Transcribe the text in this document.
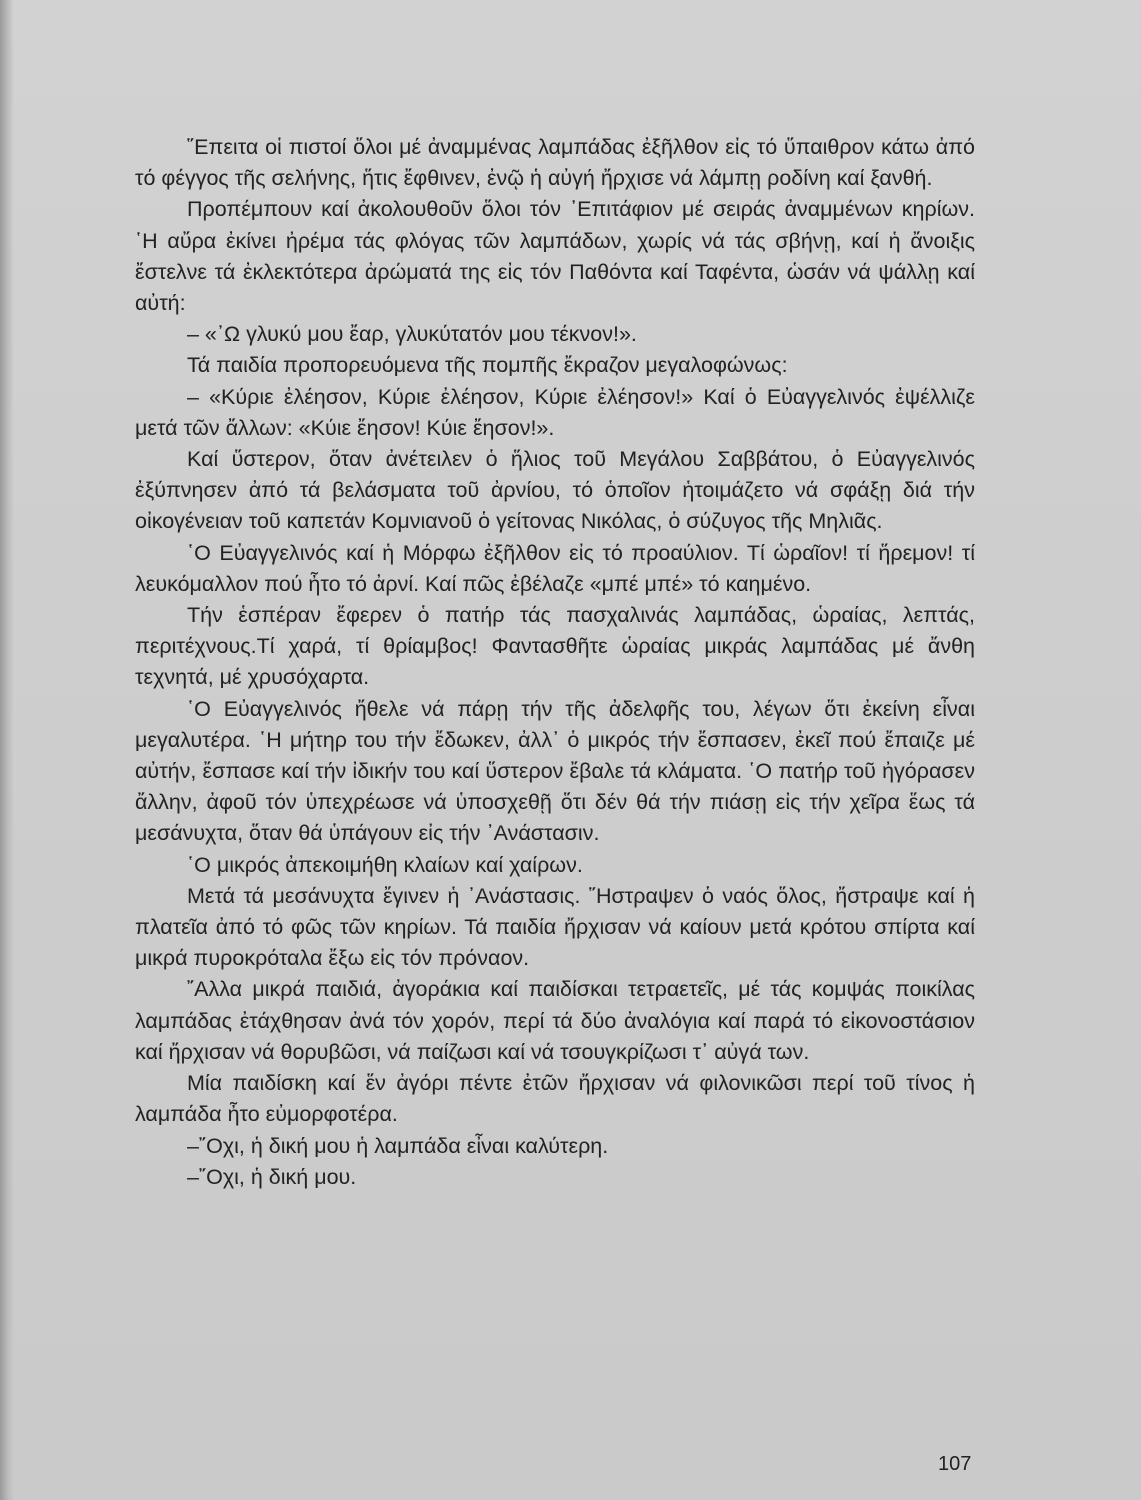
῞Επειτα οἱ πιστοί ὅλοι μέ ἀναμμένας λαμπάδας ἐξῆλθον εἰς τό ὕπαιθρον κάτω ἀπό τό φέγγος τῆς σελήνης, ἥτις ἔφθινεν, ἐνῷ ἡ αὐγή ἤρχισε νά λάμπῃ ροδίνη καί ξανθή.

Προπέμπουν καί ἀκολουθοῦν ὅλοι τόν ᾿Επιτάφιον μέ σειράς ἀναμμένων κηρίων. ῾Η αὔρα ἐκίνει ἠρέμα τάς φλόγας τῶν λαμπάδων, χωρίς νά τάς σβήνῃ, καί ἡ ἄνοιξις ἔστελνε τά ἐκλεκτότερα ἀρώματά της εἰς τόν Παθόντα καί Ταφέντα, ὡσάν νά ψάλλῃ καί αὐτή:

– «᾿Ω γλυκύ μου ἔαρ, γλυκύτατόν μου τέκνον!».

Τά παιδία προπορευόμενα τῆς πομπῆς ἔκραζον μεγαλοφώνως:

– «Κύριε ἐλέησον, Κύριε ἐλέησον, Κύριε ἐλέησον!» Καί ὁ Εὐαγγελινός ἐψέλλιζε μετά τῶν ἄλλων: «Κύιε ἔησον! Κύιε ἔησον!».

Καί ὕστερον, ὅταν ἀνέτειλεν ὁ ἥλιος τοῦ Μεγάλου Σαββάτου, ὁ Εὐαγγελινός ἐξύπνησεν ἀπό τά βελάσματα τοῦ ἀρνίου, τό ὁποῖον ἡτοιμάζετο νά σφάξῃ διά τήν οἰκογένειαν τοῦ καπετάν Κομνιανοῦ ὁ γείτονας Νικόλας, ὁ σύζυγος τῆς Μηλιᾶς.

῾Ο Εὐαγγελινός καί ἡ Μόρφω ἐξῆλθον εἰς τό προαύλιον. Τί ὡραῖον! τί ἥρεμον! τί λευκόμαλλον πού ἦτο τό ἀρνί. Καί πῶς ἐβέλαζε «μπέ μπέ» τό καημένο.

Τήν ἑσπέραν ἔφερεν ὁ πατήρ τάς πασχαλινάς λαμπάδας, ὡραίας, λεπτάς, περιτέχνους.Τί χαρά, τί θρίαμβος! Φαντασθῆτε ὡραίας μικράς λαμπάδας μέ ἄνθη τεχνητά, μέ χρυσόχαρτα.

῾Ο Εὐαγγελινός ἤθελε νά πάρῃ τήν τῆς ἀδελφῆς του, λέγων ὅτι ἐκείνη εἶναι μεγαλυτέρα. ῾Η μήτηρ του τήν ἔδωκεν, ἀλλ᾿ ὁ μικρός τήν ἔσπασεν, ἐκεῖ πού ἔπαιζε μέ αὐτήν, ἔσπασε καί τήν ἰδικήν του καί ὕστερον ἔβαλε τά κλάματα. ῾Ο πατήρ τοῦ ἠγόρασεν ἄλλην, ἀφοῦ τόν ὑπεχρέωσε νά ὑποσχεθῇ ὅτι δέν θά τήν πιάσῃ εἰς τήν χεῖρα ἕως τά μεσάνυχτα, ὅταν θά ὑπάγουν εἰς τήν ᾿Ανάστασιν.

῾Ο μικρός ἀπεκοιμήθη κλαίων καί χαίρων.

Μετά τά μεσάνυχτα ἔγινεν ἡ ᾿Ανάστασις. ῞Ηστραψεν ὁ ναός ὅλος, ἤστραψε καί ἡ πλατεῖα ἀπό τό φῶς τῶν κηρίων. Τά παιδία ἤρχισαν νά καίουν μετά κρότου σπίρτα καί μικρά πυροκρόταλα ἔξω εἰς τόν πρόναον.

῎Αλλα μικρά παιδιά, ἀγοράκια καί παιδίσκαι τετραετεῖς, μέ τάς κομψάς ποικίλας λαμπάδας ἐτάχθησαν ἀνά τόν χορόν, περί τά δύο ἀναλόγια καί παρά τό εἰκονοστάσιον καί ἤρχισαν νά θορυβῶσι, νά παίζωσι καί νά τσουγκρίζωσι τ᾿ αὐγά των.

Μία παιδίσκη καί ἕν ἀγόρι πέντε ἐτῶν ἤρχισαν νά φιλονικῶσι περί τοῦ τίνος ἡ λαμπάδα ἦτο εὐμορφοτέρα.

–῎Οχι, ἡ δική μου ἡ λαμπάδα εἶναι καλύτερη.

–῎Οχι, ἡ δική μου.

107
